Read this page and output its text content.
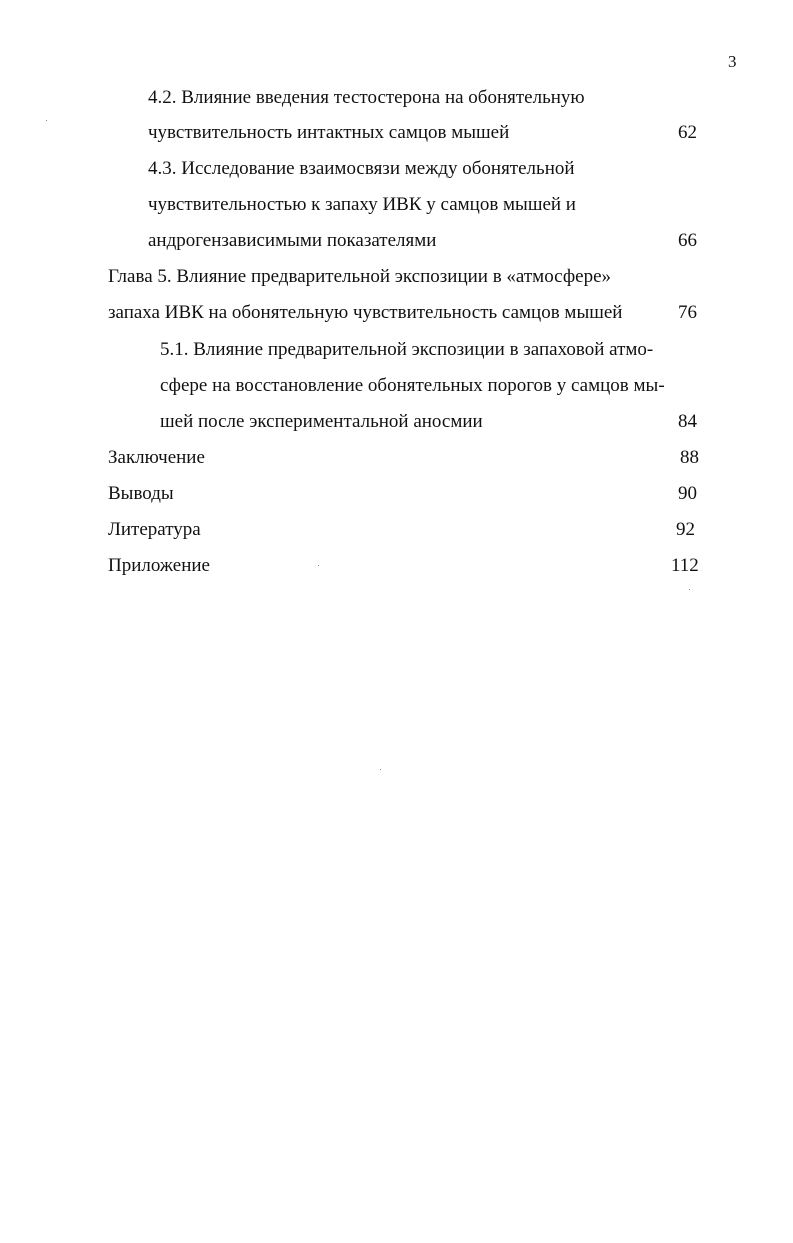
3
4.2. Влияние введения тестостерона на обонятельную
чувствительность интактных самцов мышей	62
4.3. Исследование взаимосвязи между обонятельной
чувствительностью к запаху ИВК у самцов мышей и
андрогензависимыми показателями	66
Глава 5. Влияние предварительной экспозиции в «атмосфере»
запаха ИВК на обонятельную чувствительность самцов мышей	76
5.1. Влияние предварительной экспозиции в запаховой атмо-
сфере на восстановление обонятельных порогов у самцов мы-
шей после экспериментальной аносмии	84
Заключение	88
Выводы	90
Литература	92
Приложение	112
